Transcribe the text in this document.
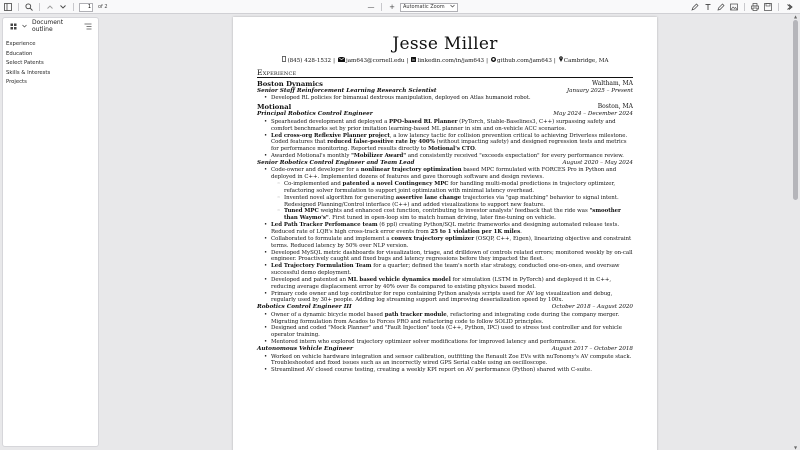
1
of 2	— +	Automatic Zoom
Document outline
Experience
Education
Select Patents
Skills & Interests
Projects
Jesse Miller
(845) 428-1532 | jam643@cornell.edu | in linkedin.com/in/jam643 | github.com/jam643 | Cambridge, MA
Experience
Boston Dynamics	Waltham, MA
Senior Staff Reinforcement Learning Research Scientist	January 2025 – Present
• Developed RL policies for bimanual dextrous manipulation, deployed on Atlas humanoid robot.
Motional	Boston, MA
Principal Robotics Control Engineer	May 2024 – December 2024
• Spearheaded development and deployed a PPO-based RL Planner (PyTorch, Stable-Baselines3, C++) surpassing safety and comfort benchmarks set by prior imitation learning-based ML planner in sim and on-vehicle ACC scenarios.
• Led cross-org Reflexive Planner project, a low latency tactic for collision prevention critical to achieving Driverless milestone. Coded features that reduced false-positive rate by 400% (without impacting safety) and designed regression tests and metrics for performance monitoring. Reported results directly to Motional's CTO.
• Awarded Motional's monthly "Mobilizer Award" and consistently received "exceeds expectation" for every performance review.
Senior Robotics Control Engineer and Team Lead	August 2020 – May 2024
• Code-owner and developer for a nonlinear trajectory optimization based MPC formulated with FORCES Pro in Python and deployed in C++. Implemented dozens of features and gave thorough software and design reviews.
◦ Co-implemented and patented a novel Contingency MPC for handling multi-modal predictions in trajectory optimizer, refactoring solver formulation to support joint optimization with minimal latency overhead.
◦ Invented novel algorithm for generating assertive lane change trajectories via "gap matching" behavior to signal intent. Redesigned Planning/Control interface (C++) and added visualizations to support new feature.
◦ Tuned MPC weights and enhanced cost function, contributing to investor analysts' feedback that the ride was "smoother than Waymo's". First tuned in open-loop sim to match human driving, later fine-tuning on vehicle.
• Led Path Tracker Perfomance team (6 ppl) creating Python/SQL metric frameworks and designing automated release tests. Reduced rate of LQR's high cross-track error events from 25 to 1 violation per 1K miles.
• Collaborated to formulate and implement a convex trajectory optimizer (OSQP, C++, Eigen), linearizing objective and constraint terms. Reduced latency by 50% over NLP version.
• Developed MySQL metric dashboards for visualization, triage, and drilldown of controls related errors; monitored weekly by on-call engineer. Proactively caught and fixed bugs and latency regressions before they impacted the fleet.
• Led Trajectory Formulation Team for a quarter; defined the team's north star strategy, conducted one-on-ones, and oversaw successful demo deployment.
• Developed and patented an ML based vehicle dynamics model for simulation (LSTM in PyTorch) and deployed it in C++, reducing average displacement error by 40% over 8s compared to existing physics based model.
• Primary code owner and top contributor for repo containing Python analysis scripts used for AV log visualization and debug, regularly used by 30+ people. Adding log streaming support and improving deserialization speed by 100x.
Robotics Control Engineer III	October 2018 – August 2020
• Owner of a dynamic bicycle model based path tracker module, refactoring and integrating code during the company merger. Migrating formulation from Acados to Forces PRO and refactoring code to follow SOLID principles.
• Designed and coded "Mock Planner" and "Fault Injection" tools (C++, Python, IPC) used to stress test controller and for vehicle operator training.
• Mentored intern who explored trajectory optimizer solver modifications for improved latency and performance.
Autonomous Vehicle Engineer	August 2017 – October 2018
• Worked on vehicle hardware integration and sensor calibration, outfitting the Renault Zoe EVs with nuTonomy's AV compute stack. Troubleshooted and fixed issues such as an incorrectly wired GPS Serial cable using an oscilloscope.
• Streamlined AV closed course testing, creating a weekly KPI report on AV performance (Python) shared with C-suite.
▲
▼
